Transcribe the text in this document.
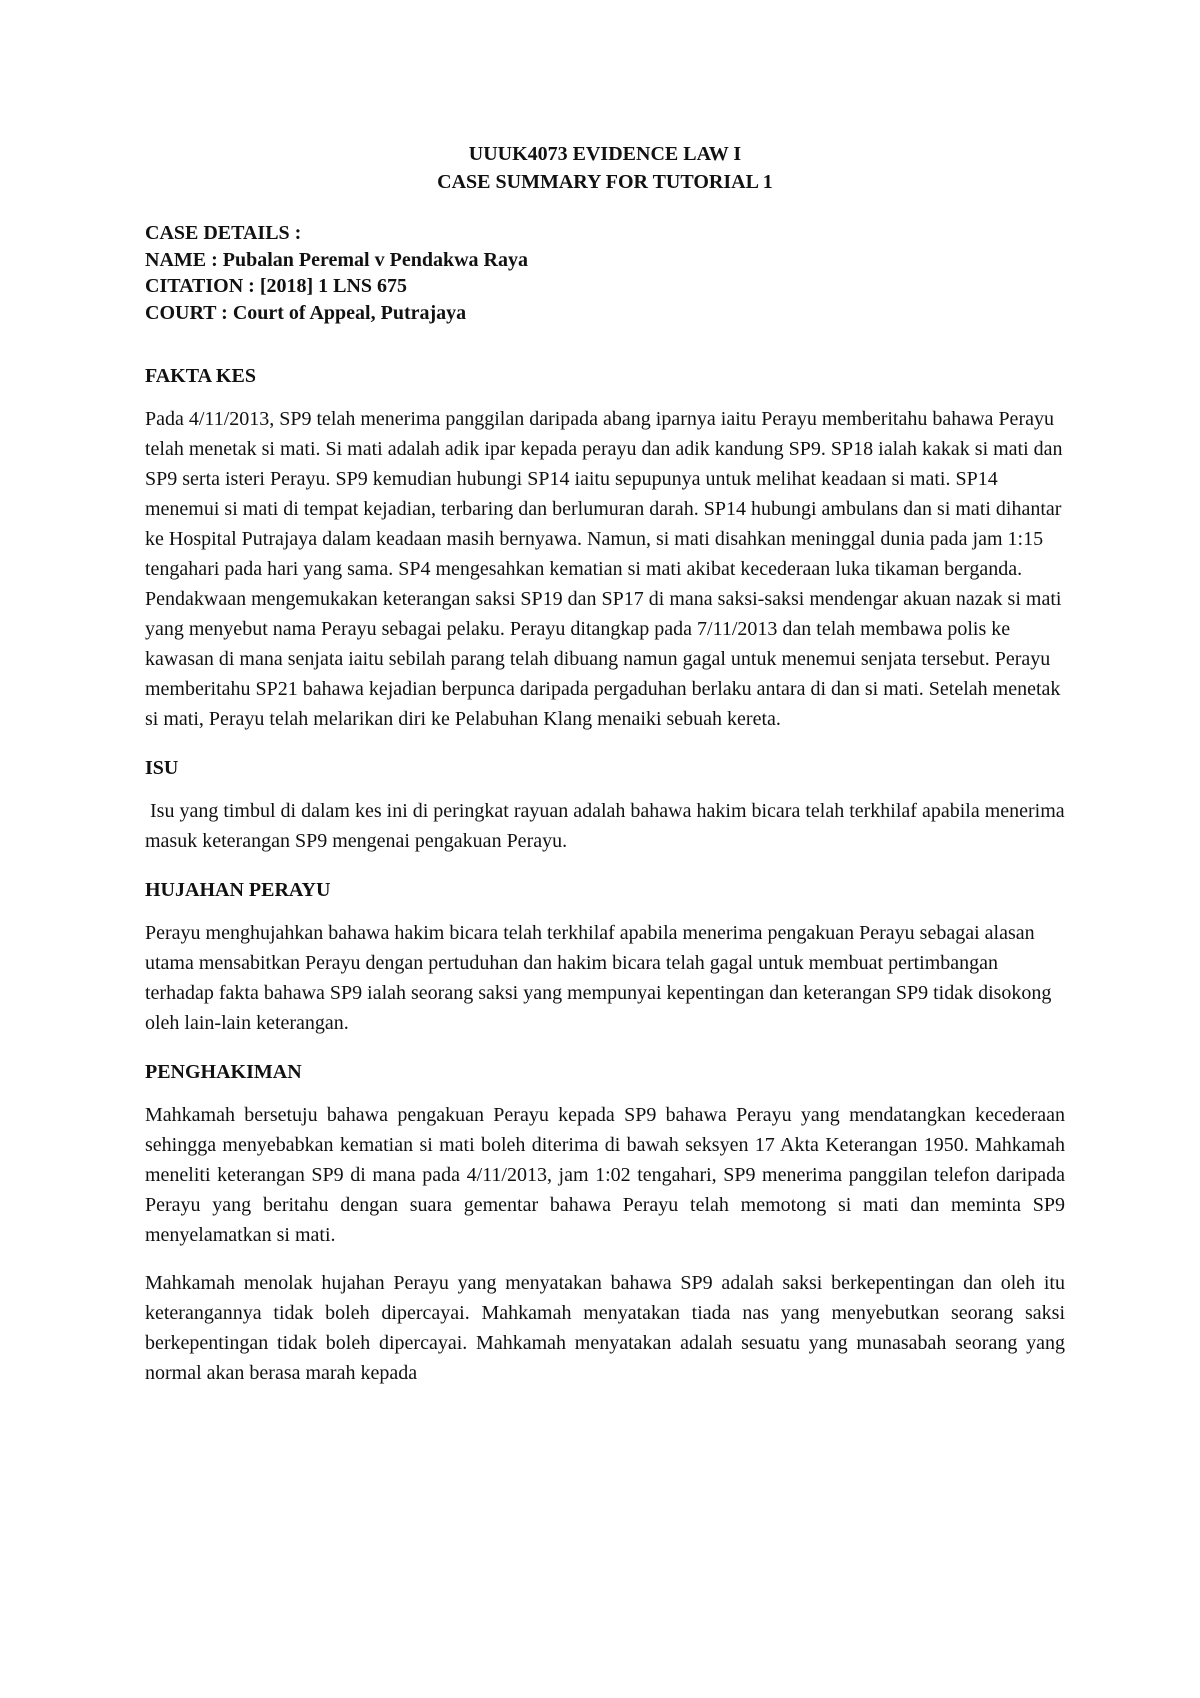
UUUK4073 EVIDENCE LAW I

CASE SUMMARY FOR TUTORIAL 1

CASE DETAILS :
NAME : Pubalan Peremal v Pendakwa Raya
CITATION : [2018] 1 LNS 675
COURT : Court of Appeal, Putrajaya
FAKTA KES

Pada 4/11/2013, SP9 telah menerima panggilan daripada abang iparnya iaitu Perayu memberitahu bahawa Perayu telah menetak si mati. Si mati adalah adik ipar kepada perayu dan adik kandung SP9. SP18 ialah kakak si mati dan SP9 serta isteri Perayu. SP9 kemudian hubungi SP14 iaitu sepupunya untuk melihat keadaan si mati. SP14 menemui si mati di tempat kejadian, terbaring dan berlumuran darah. SP14 hubungi ambulans dan si mati dihantar ke Hospital Putrajaya dalam keadaan masih bernyawa. Namun, si mati disahkan meninggal dunia pada jam 1:15 tengahari pada hari yang sama. SP4 mengesahkan kematian si mati akibat kecederaan luka tikaman berganda. Pendakwaan mengemukakan keterangan saksi SP19 dan SP17 di mana saksi-saksi mendengar akuan nazak si mati yang menyebut nama Perayu sebagai pelaku. Perayu ditangkap pada 7/11/2013 dan telah membawa polis ke kawasan di mana senjata iaitu sebilah parang telah dibuang namun gagal untuk menemui senjata tersebut. Perayu memberitahu SP21 bahawa kejadian berpunca daripada pergaduhan berlaku antara di dan si mati. Setelah menetak si mati, Perayu telah melarikan diri ke Pelabuhan Klang menaiki sebuah kereta.

ISU

Isu yang timbul di dalam kes ini di peringkat rayuan adalah bahawa hakim bicara telah terkhilaf apabila menerima masuk keterangan SP9 mengenai pengakuan Perayu.

HUJAHAN PERAYU

Perayu menghujahkan bahawa hakim bicara telah terkhilaf apabila menerima pengakuan Perayu sebagai alasan utama mensabitkan Perayu dengan pertuduhan dan hakim bicara telah gagal untuk membuat pertimbangan terhadap fakta bahawa SP9 ialah seorang saksi yang mempunyai kepentingan dan keterangan SP9 tidak disokong oleh lain-lain keterangan.

PENGHAKIMAN

Mahkamah bersetuju bahawa pengakuan Perayu kepada SP9 bahawa Perayu yang mendatangkan kecederaan sehingga menyebabkan kematian si mati boleh diterima di bawah seksyen 17 Akta Keterangan 1950. Mahkamah meneliti keterangan SP9 di mana pada 4/11/2013, jam 1:02 tengahari, SP9 menerima panggilan telefon daripada Perayu yang beritahu dengan suara gementar bahawa Perayu telah memotong si mati dan meminta SP9 menyelamatkan si mati.

Mahkamah menolak hujahan Perayu yang menyatakan bahawa SP9 adalah saksi berkepentingan dan oleh itu keterangannya tidak boleh dipercayai. Mahkamah menyatakan tiada nas yang menyebutkan seorang saksi berkepentingan tidak boleh dipercayai. Mahkamah menyatakan adalah sesuatu yang munasabah seorang yang normal akan berasa marah kepada
